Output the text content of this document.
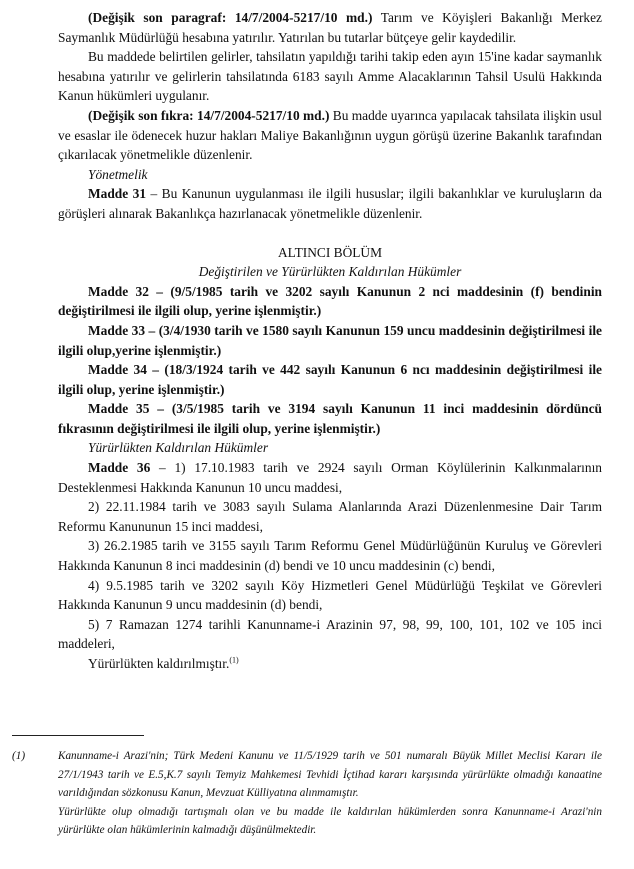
(Değişik son paragraf: 14/7/2004-5217/10 md.) Tarım ve Köyişleri Bakanlığı Merkez Saymanlık Müdürlüğü hesabına yatırılır. Yatırılan bu tutarlar bütçeye gelir kaydedilir.

Bu maddede belirtilen gelirler, tahsilatın yapıldığı tarihi takip eden ayın 15'ine kadar saymanlık hesabına yatırılır ve gelirlerin tahsilatında 6183 sayılı Amme Alacaklarının Tahsil Usulü Hakkında Kanun hükümleri uygulanır.

(Değişik son fıkra: 14/7/2004-5217/10 md.) Bu madde uyarınca yapılacak tahsilata ilişkin usul ve esaslar ile ödenecek huzur hakları Maliye Bakanlığının uygun görüşü üzerine Bakanlık tarafından çıkarılacak yönetmelikle düzenlenir.

Yönetmelik

Madde 31 – Bu Kanunun uygulanması ile ilgili hususlar; ilgili bakanlıklar ve kuruluşların da görüşleri alınarak Bakanlıkça hazırlanacak yönetmelikle düzenlenir.

ALTINCI BÖLÜM

Değiştirilen ve Yürürlükten Kaldırılan Hükümler

Madde 32 – (9/5/1985 tarih ve 3202 sayılı Kanunun 2 nci maddesinin (f) bendinin değiştirilmesi ile ilgili olup, yerine işlenmiştir.)

Madde 33 – (3/4/1930 tarih ve 1580 sayılı Kanunun 159 uncu maddesinin değiştirilmesi ile ilgili olup,yerine işlenmiştir.)

Madde 34 – (18/3/1924 tarih ve 442 sayılı Kanunun 6 ncı maddesinin değiştirilmesi ile ilgili olup, yerine işlenmiştir.)

Madde 35 – (3/5/1985 tarih ve 3194 sayılı Kanunun 11 inci maddesinin dördüncü fıkrasının değiştirilmesi ile ilgili olup, yerine işlenmiştir.)

Yürürlükten Kaldırılan Hükümler

Madde 36 – 1) 17.10.1983 tarih ve 2924 sayılı Orman Köylülerinin Kalkınmalarının Desteklenmesi Hakkında Kanunun 10 uncu maddesi,

2) 22.11.1984 tarih ve 3083 sayılı Sulama Alanlarında Arazi Düzenlenmesine Dair Tarım Reformu Kanununun 15 inci maddesi,

3) 26.2.1985 tarih ve 3155 sayılı Tarım Reformu Genel Müdürlüğünün Kuruluş ve Görevleri Hakkında Kanunun 8 inci maddesinin (d) bendi ve 10 uncu maddesinin (c) bendi,

4) 9.5.1985 tarih ve 3202 sayılı Köy Hizmetleri Genel Müdürlüğü Teşkilat ve Görevleri Hakkında Kanunun 9 uncu maddesinin (d) bendi,

5) 7 Ramazan 1274 tarihli Kanunname-i Arazinin 97, 98, 99, 100, 101, 102 ve 105 inci maddeleri,

Yürürlükten kaldırılmıştır.$^{(1)}$

(1)	Kanunname-i Arazi'nin; Türk Medeni Kanunu ve 11/5/1929 tarih ve 501 numaralı Büyük Millet Meclisi Kararı ile 27/1/1943 tarih ve E.5,K.7 sayılı Temyiz Mahkemesi Tevhidi İçtihad kararı karşısında yürürlükte olmadığı kanaatine varıldığından sözkonusu Kanun, Mevzuat Külliyatına alınmamıştır.

Yürürlükte olup olmadığı tartışmalı olan ve bu madde ile kaldırılan hükümlerden sonra Kanunname-i Arazi'nin yürürlükte olan hükümlerinin kalmadığı düşünülmektedir.
